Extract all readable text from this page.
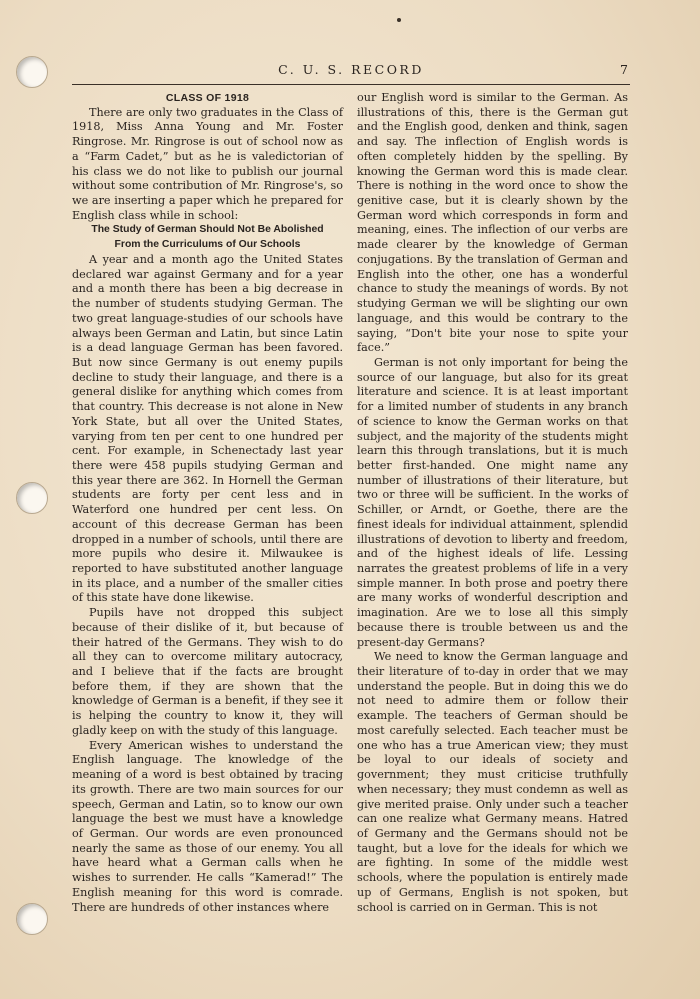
C. U. S. RECORD	7
CLASS OF 1918

There are only two graduates in the Class of 1918, Miss Anna Young and Mr. Foster Ringrose. Mr. Ringrose is out of school now as a “Farm Cadet,” but as he is valedictorian of his class we do not like to publish our journal without some contribution of Mr. Ringrose's, so we are inserting a paper which he prepared for English class while in school:

The Study of German Should Not Be Abolished
From the Curriculums of Our Schools

A year and a month ago the United States declared war against Germany and for a year and a month there has been a big decrease in the number of students studying German. The two great language-studies of our schools have always been German and Latin, but since Latin is a dead language German has been favored. But now since Germany is out enemy pupils decline to study their language, and there is a general dislike for anything which comes from that country. This decrease is not alone in New York State, but all over the United States, varying from ten per cent to one hundred per cent. For example, in Schenectady last year there were 458 pupils studying German and this year there are 362. In Hornell the German students are forty per cent less and in Waterford one hundred per cent less. On account of this decrease German has been dropped in a number of schools, until there are more pupils who desire it. Milwaukee is reported to have substituted another language in its place, and a number of the smaller cities of this state have done likewise.

Pupils have not dropped this subject because of their dislike of it, but because of their hatred of the Germans. They wish to do all they can to overcome military autocracy, and I believe that if the facts are brought before them, if they are shown that the knowledge of German is a benefit, if they see it is helping the country to know it, they will gladly keep on with the study of this language.

Every American wishes to understand the English language. The knowledge of the meaning of a word is best obtained by tracing its growth. There are two main sources for our speech, German and Latin, so to know our own language the best we must have a knowledge of German. Our words are even pronounced nearly the same as those of our enemy. You all have heard what a German calls when he wishes to surrender. He calls “Kamerad!” The English meaning for this word is comrade. There are hundreds of other instances where

our English word is similar to the German. As illustrations of this, there is the German gut and the English good, denken and think, sagen and say. The inflection of English words is often completely hidden by the spelling. By knowing the German word this is made clear. There is nothing in the word once to show the genitive case, but it is clearly shown by the German word which corresponds in form and meaning, eines. The inflection of our verbs are made clearer by the knowledge of German conjugations. By the translation of German and English into the other, one has a wonderful chance to study the meanings of words. By not studying German we will be slighting our own language, and this would be contrary to the saying, “Don't bite your nose to spite your face.”

German is not only important for being the source of our language, but also for its great literature and science. It is at least important for a limited number of students in any branch of science to know the German works on that subject, and the majority of the students might learn this through translations, but it is much better first-handed. One might name any number of illustrations of their literature, but two or three will be sufficient. In the works of Schiller, or Arndt, or Goethe, there are the finest ideals for individual attainment, splendid illustrations of devotion to liberty and freedom, and of the highest ideals of life. Lessing narrates the greatest problems of life in a very simple manner. In both prose and poetry there are many works of wonderful description and imagination. Are we to lose all this simply because there is trouble between us and the present-day Germans?

We need to know the German language and their literature of to-day in order that we may understand the people. But in doing this we do not need to admire them or follow their example. The teachers of German should be most carefully selected. Each teacher must be one who has a true American view; they must be loyal to our ideals of society and government; they must criticise truthfully when necessary; they must condemn as well as give merited praise. Only under such a teacher can one realize what Germany means. Hatred of Germany and the Germans should not be taught, but a love for the ideals for which we are fighting. In some of the middle west schools, where the population is entirely made up of Germans, English is not spoken, but school is carried on in German. This is not
